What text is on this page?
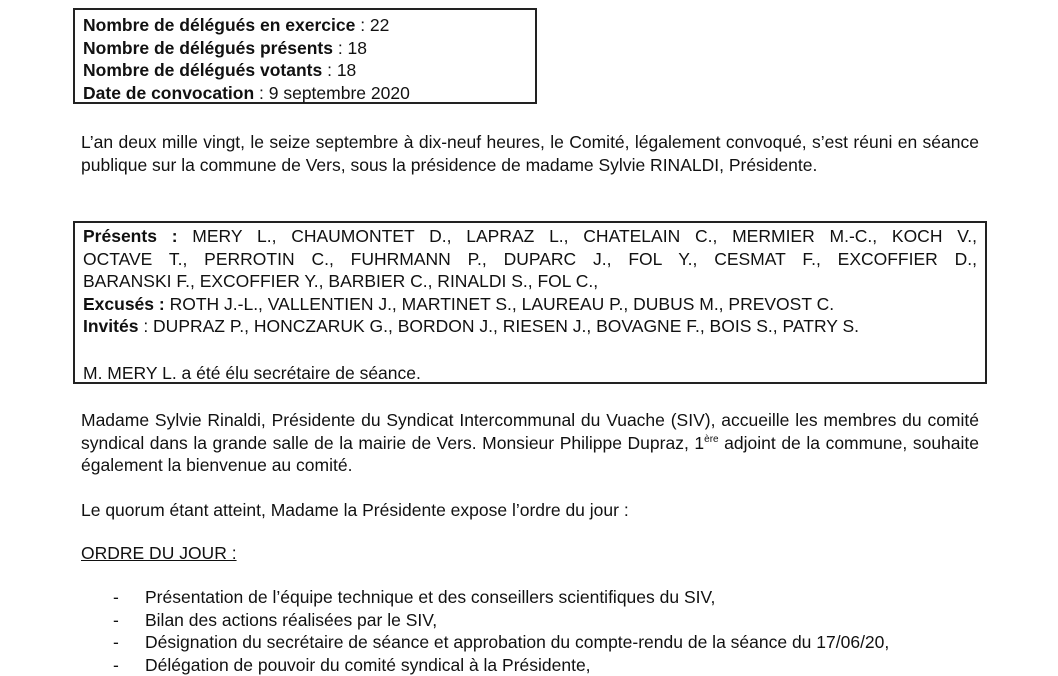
Nombre de délégués en exercice : 22
Nombre de délégués présents : 18
Nombre de délégués votants : 18
Date de convocation : 9 septembre 2020
L’an deux mille vingt, le seize septembre à dix-neuf heures, le Comité, légalement convoqué, s’est réuni en séance publique sur la commune de Vers, sous la présidence de madame Sylvie RINALDI, Présidente.
Présents : MERY L., CHAUMONTET D., LAPRAZ L., CHATELAIN C., MERMIER M.-C., KOCH V.,
OCTAVE T., PERROTIN C., FUHRMANN P., DUPARC J., FOL Y., CESMAT F., EXCOFFIER D.,
BARANSKI F., EXCOFFIER Y., BARBIER C., RINALDI S., FOL C.,
Excusés : ROTH J.-L., VALLENTIEN J., MARTINET S., LAUREAU P., DUBUS M., PREVOST C.
Invités : DUPRAZ P., HONCZARUK G., BORDON J., RIESEN J., BOVAGNE F., BOIS S., PATRY S.
M. MERY L. a été élu secrétaire de séance.
Madame Sylvie Rinaldi, Présidente du Syndicat Intercommunal du Vuache (SIV), accueille les membres du comité syndical dans la grande salle de la mairie de Vers. Monsieur Philippe Dupraz, 1ère adjoint de la commune, souhaite également la bienvenue au comité.
Le quorum étant atteint, Madame la Présidente expose l’ordre du jour :
ORDRE DU JOUR :
- Présentation de l’équipe technique et des conseillers scientifiques du SIV,
- Bilan des actions réalisées par le SIV,
- Désignation du secrétaire de séance et approbation du compte-rendu de la séance du 17/06/20,
- Délégation de pouvoir du comité syndical à la Présidente,
